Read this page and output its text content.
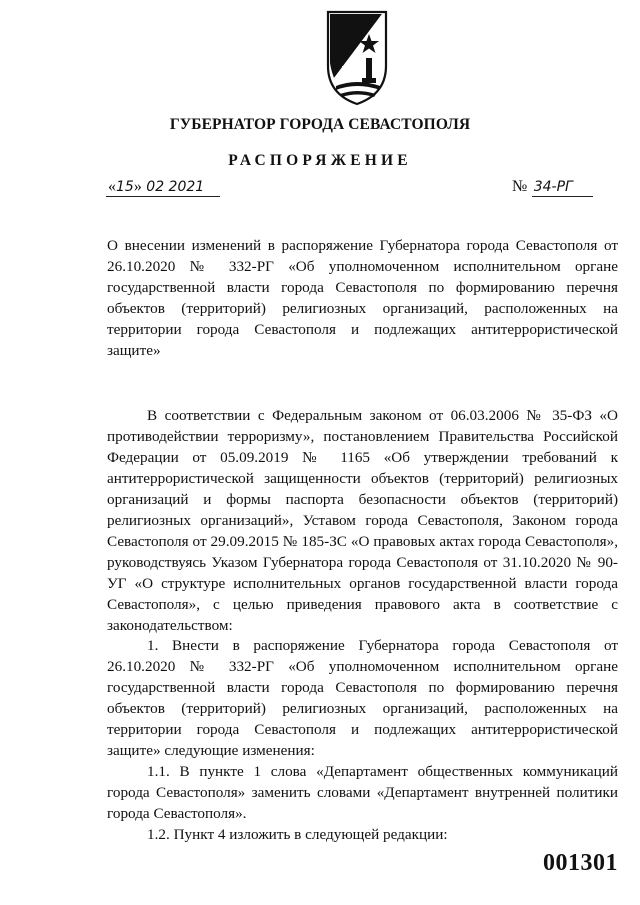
ГУБЕРНАТОР ГОРОДА СЕВАСТОПОЛЯ
РАСПОРЯЖЕНИЕ
«15» 02 2021	№ 34-РГ

О внесении изменений в распоряжение Губернатора города Севастополя от 26.10.2020 № 332-РГ «Об уполномоченном исполнительном органе государственной власти города Севастополя по формированию перечня объектов (территорий) религиозных организаций, расположенных на территории города Севастополя и подлежащих антитеррористической защите»

В соответствии с Федеральным законом от 06.03.2006 № 35-ФЗ «О противодействии терроризму», постановлением Правительства Российской Федерации от 05.09.2019 № 1165 «Об утверждении требований к антитеррористической защищенности объектов (территорий) религиозных организаций и формы паспорта безопасности объектов (территорий) религиозных организаций», Уставом города Севастополя, Законом города Севастополя от 29.09.2015 № 185-ЗС «О правовых актах города Севастополя», руководствуясь Указом Губернатора города Севастополя от 31.10.2020 № 90-УГ «О структуре исполнительных органов государственной власти города Севастополя», с целью приведения правового акта в соответствие с законодательством:

1. Внести в распоряжение Губернатора города Севастополя от 26.10.2020 № 332-РГ «Об уполномоченном исполнительном органе государственной власти города Севастополя по формированию перечня объектов (территорий) религиозных организаций, расположенных на территории города Севастополя и подлежащих антитеррористической защите» следующие изменения:

1.1. В пункте 1 слова «Департамент общественных коммуникаций города Севастополя» заменить словами «Департамент внутренней политики города Севастополя».

1.2. Пункт 4 изложить в следующей редакции:

001301
